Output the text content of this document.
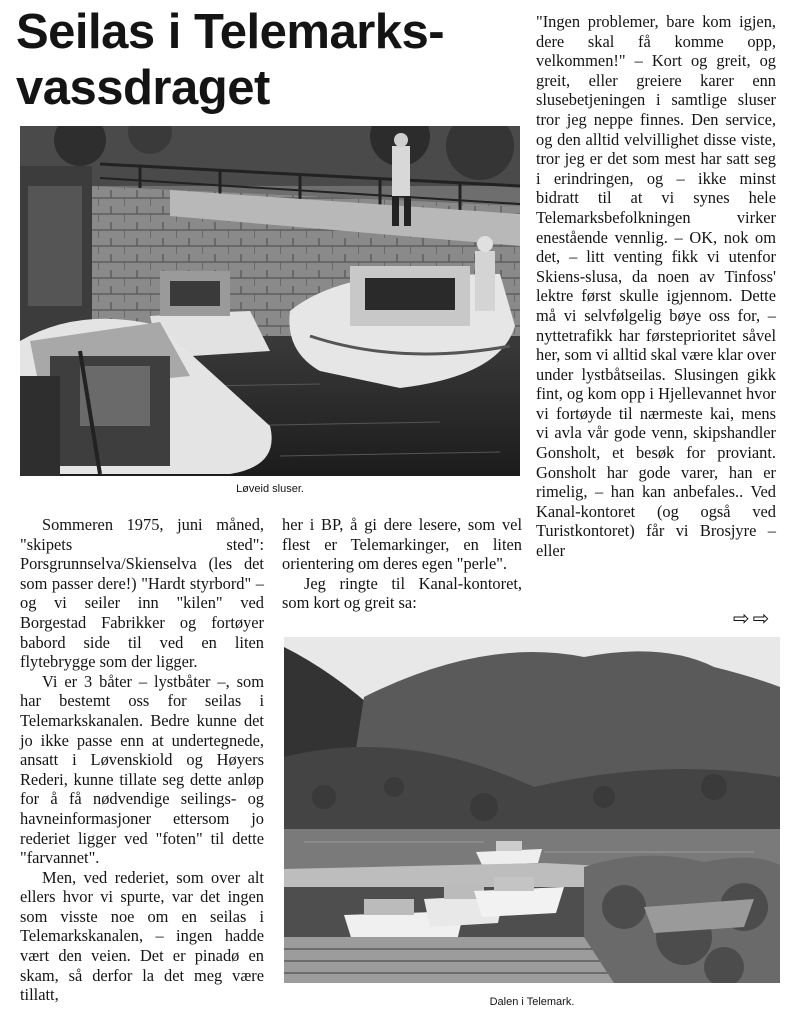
Seilas i Telemarks-vassdraget
Løveid sluser.

"Ingen problemer, bare kom igjen, dere skal få komme opp, velkommen!" – Kort og greit, og greit, eller greiere karer enn slusebetjeningen i samtlige sluser tror jeg neppe finnes. Den service, og den alltid velvillighet disse viste, tror jeg er det som mest har satt seg i erindringen, og – ikke minst bidratt til at vi synes hele Telemarksbefolkningen virker enestående vennlig. – OK, nok om det, – litt venting fikk vi utenfor Skiens-slusa, da noen av Tinfoss' lektre først skulle igjennom. Dette må vi selvfølgelig bøye oss for, – nyttetrafikk har førsteprioritet såvel her, som vi alltid skal være klar over under lystbåtseilas. Slusingen gikk fint, og kom opp i Hjellevannet hvor vi fortøyde til nærmeste kai, mens vi avla vår gode venn, skipshandler Gonsholt, et besøk for proviant. Gonsholt har gode varer, han er rimelig, – han kan anbefales.. Ved Kanal-kontoret (og også ved Turistkontoret) får vi Brosjyre – eller

⇨⇨

Sommeren 1975, juni måned, "skipets sted": Porsgrunnselva/Skienselva (les det som passer dere!) "Hardt styrbord" – og vi seiler inn "kilen" ved Borgestad Fabrikker og fortøyer babord side til ved en liten flytebrygge som der ligger.

Vi er 3 båter – lystbåter –, som har bestemt oss for seilas i Telemarkskanalen. Bedre kunne det jo ikke passe enn at undertegnede, ansatt i Løvenskiold og Høyers Rederi, kunne tillate seg dette anløp for å få nødvendige seilings- og havneinformasjoner ettersom jo rederiet ligger ved "foten" til dette "farvannet".

Men, ved rederiet, som over alt ellers hvor vi spurte, var det ingen som visste noe om en seilas i Telemarkskanalen, – ingen hadde vært den veien. Det er pinadø en skam, så derfor la det meg være tillatt,

her i BP, å gi dere lesere, som vel flest er Telemarkinger, en liten orientering om deres egen "perle".

Jeg ringte til Kanal-kontoret, som kort og greit sa:

Dalen i Telemark.
